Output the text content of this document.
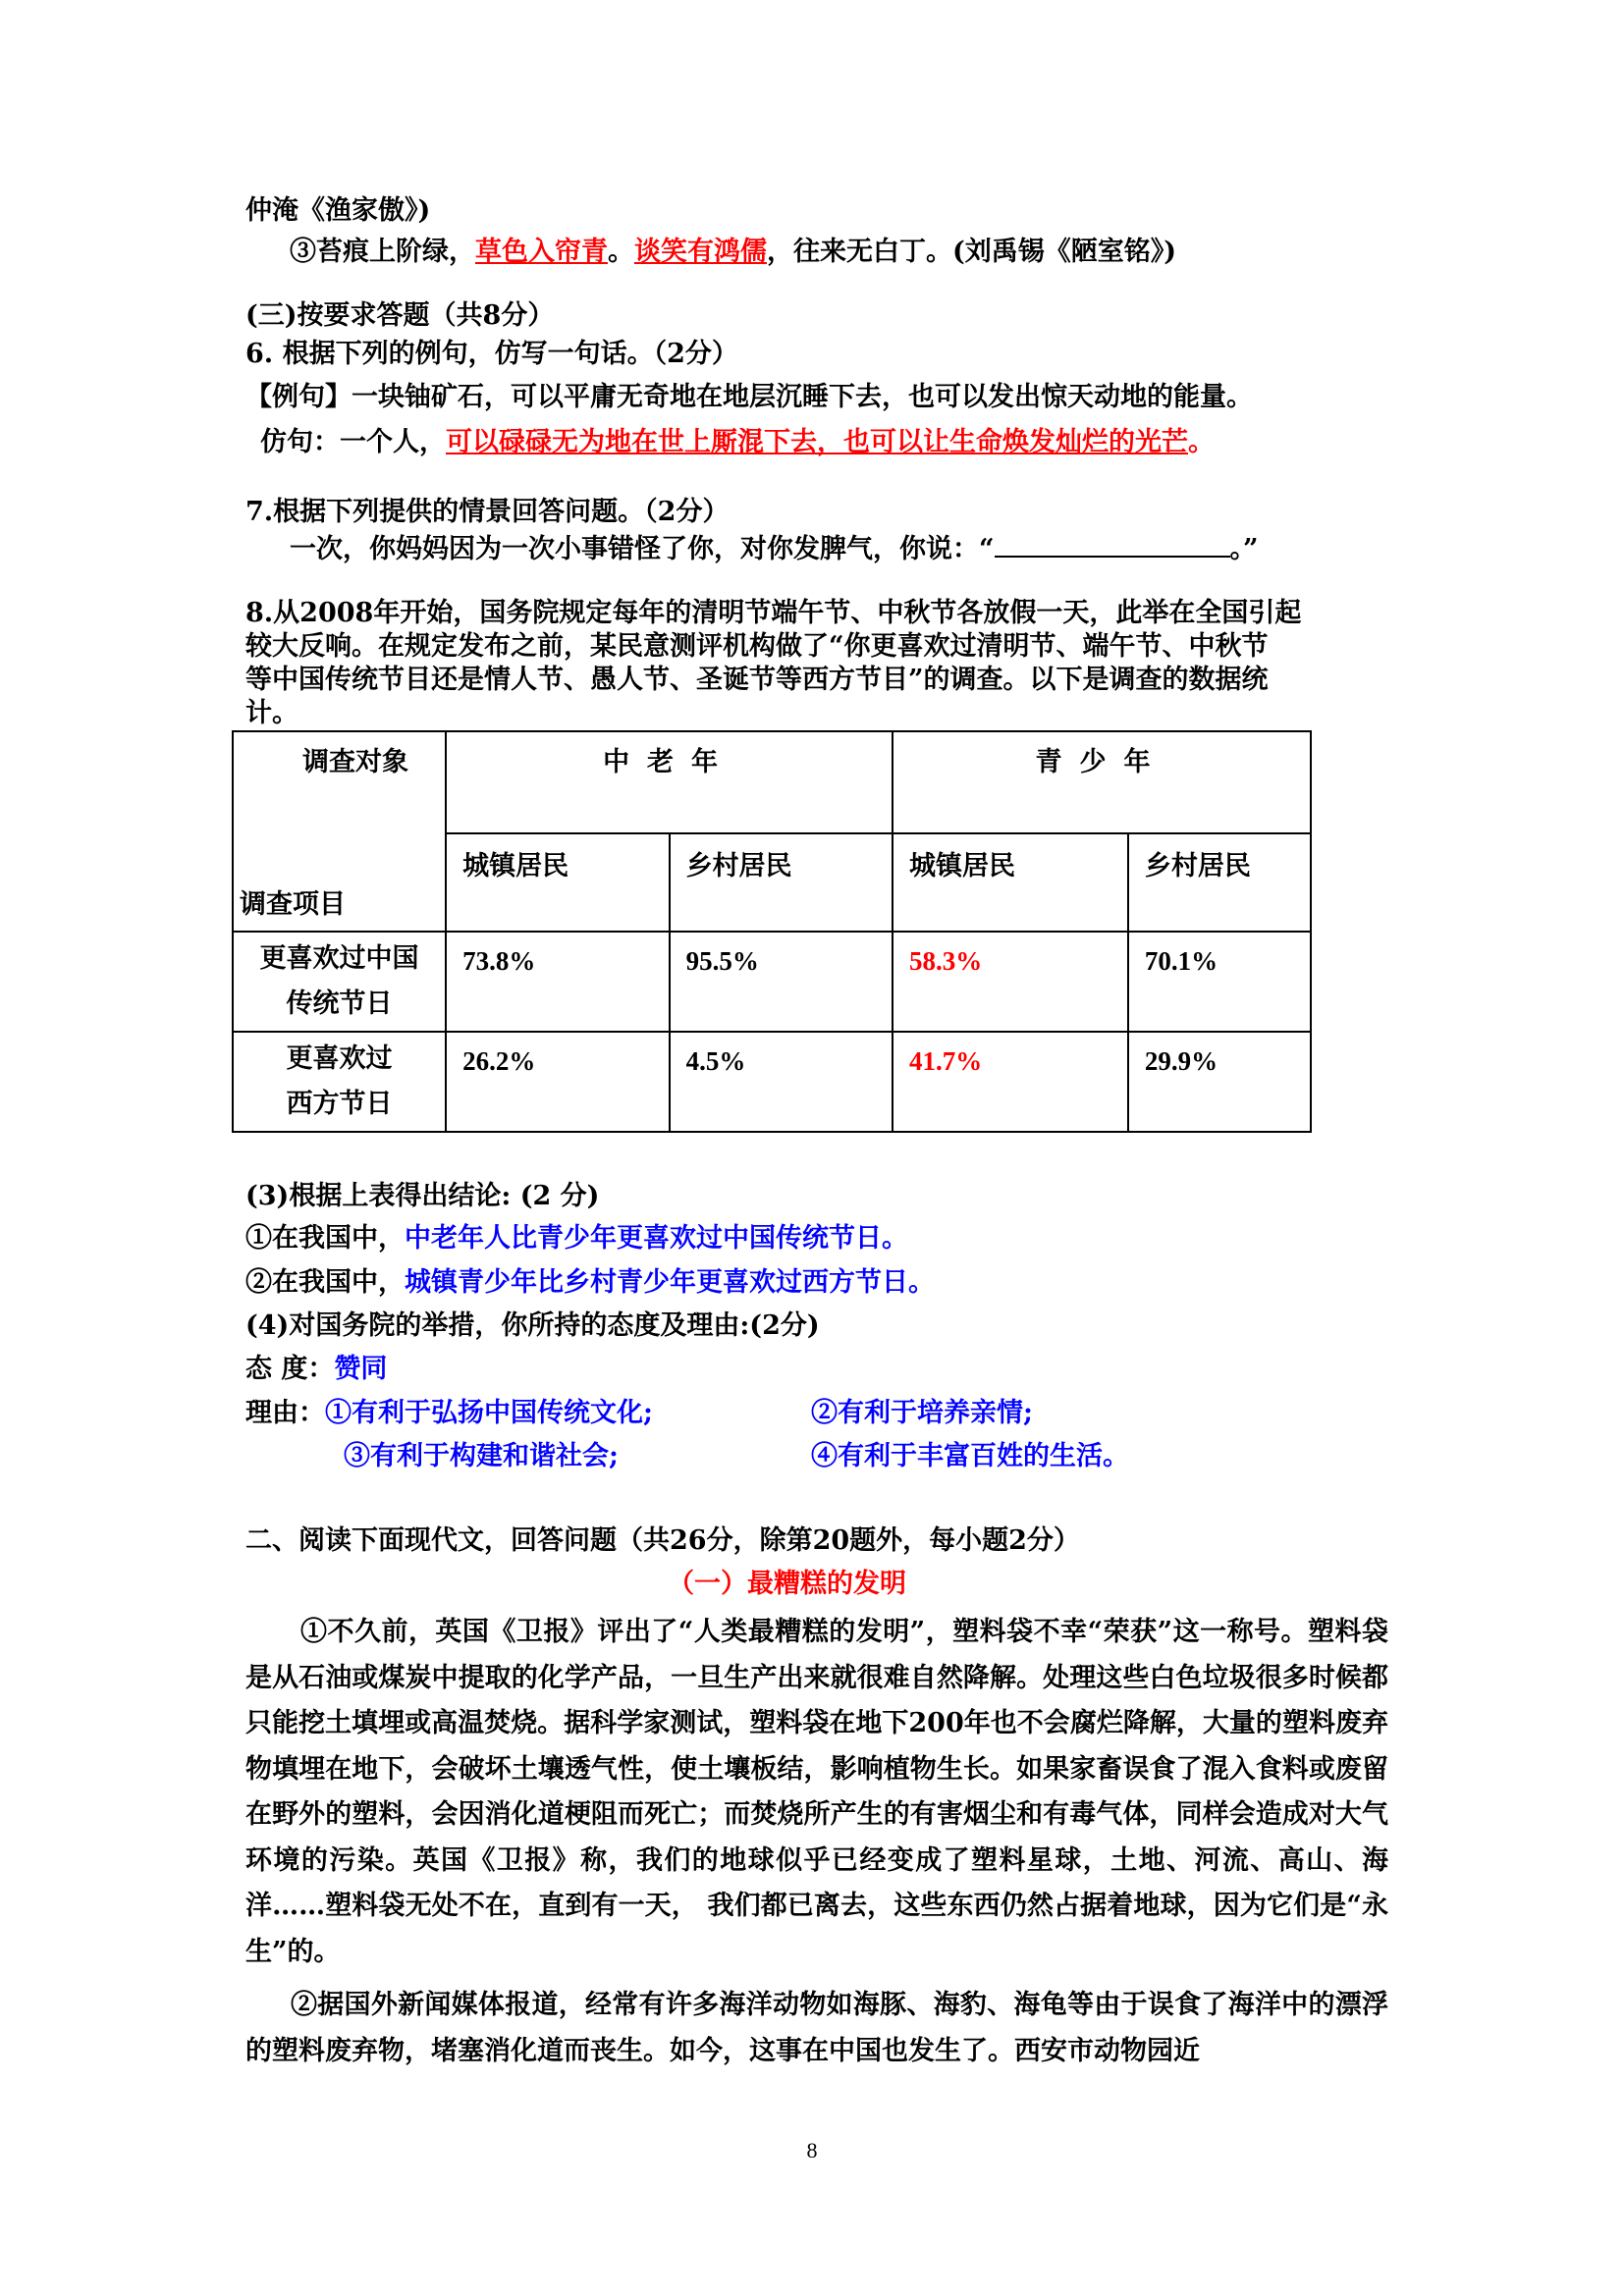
仲淹《渔家傲》)
③苔痕上阶绿，草色入帘青。谈笑有鸿儒，往来无白丁。(刘禹锡《陋室铭》)
(三)按要求答题（共8分）
6. 根据下列的例句，仿写一句话。（2分）
【例句】一块铀矿石，可以平庸无奇地在地层沉睡下去，也可以发出惊天动地的能量。
仿句：一个人，可以碌碌无为地在世上厮混下去，也可以让生命焕发灿烂的光芒。
7.根据下列提供的情景回答问题。（2分）
一次，你妈妈因为一次小事错怪了你，对你发脾气，你说：“	。”
8.从2008年开始，国务院规定每年的清明节端午节、中秋节各放假一天，此举在全国引起
较大反响。在规定发布之前，某民意测评机构做了“你更喜欢过清明节、端午节、中秋节
等中国传统节目还是情人节、愚人节、圣诞节等西方节目”的调查。以下是调查的数据统
计。
调查对象
调查项目	中老年		青少年	
	城镇居民	乡村居民	城镇居民	乡村居民
更喜欢过中国
传统节日	73.8%	95.5%	58.3%	70.1%
更喜欢过
西方节日	26.2%	4.5%	41.7%	29.9%
(3)根据上表得出结论: (2 分)
①在我国中，中老年人比青少年更喜欢过中国传统节日。
②在我国中，城镇青少年比乡村青少年更喜欢过西方节日。
(4)对国务院的举措，你所持的态度及理由:(2分)
态 度：赞同
理由：①有利于弘扬中国传统文化;	②有利于培养亲情;
③有利于构建和谐社会;	④有利于丰富百姓的生活。
二、阅读下面现代文，回答问题（共26分，除第20题外，每小题2分）
（一）最糟糕的发明
①不久前，英国《卫报》评出了“人类最糟糕的发明”，塑料袋不幸“荣获”这一称号。塑料袋是从石油或煤炭中提取的化学产品，一旦生产出来就很难自然降解。处理这些白色垃圾很多时候都只能挖土填埋或高温焚烧。据科学家测试，塑料袋在地下200年也不会腐烂降解，大量的塑料废弃物填埋在地下，会破坏土壤透气性，使土壤板结，影响植物生长。如果家畜误食了混入食料或废留在野外的塑料，会因消化道梗阻而死亡；而焚烧所产生的有害烟尘和有毒气体，同样会造成对大气环境的污染。英国《卫报》称，我们的地球似乎已经变成了塑料星球，土地、河流、高山、海洋……塑料袋无处不在，直到有一天， 我们都已离去，这些东西仍然占据着地球，因为它们是“永生”的。
②据国外新闻媒体报道，经常有许多海洋动物如海豚、海豹、海龟等由于误食了海洋中的漂浮的塑料废弃物，堵塞消化道而丧生。如今，这事在中国也发生了。西安市动物园近
8
